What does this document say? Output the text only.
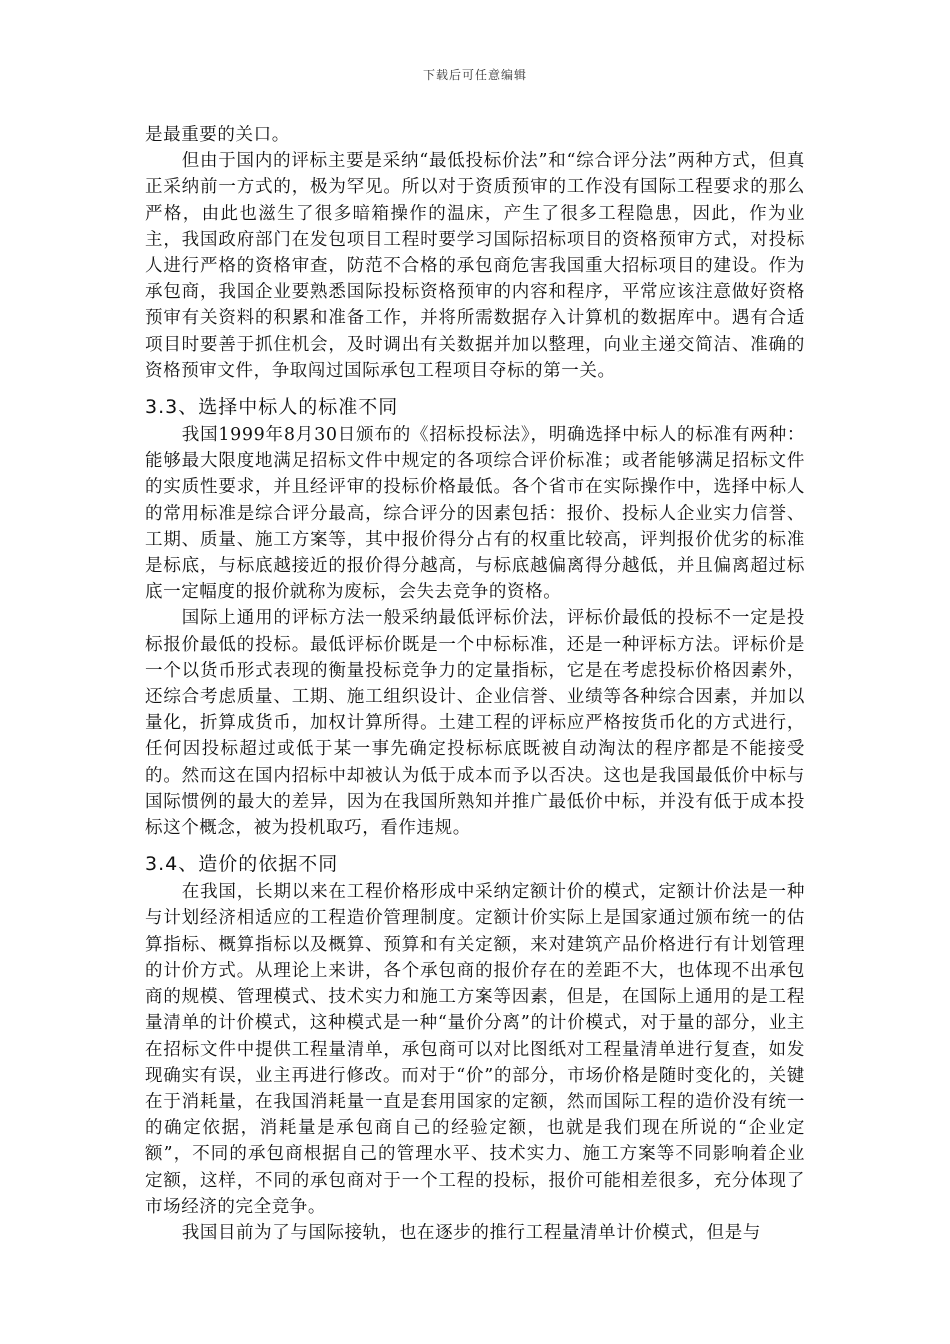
下载后可任意编辑

是最重要的关口。

但由于国内的评标主要是采纳“最低投标价法”和“综合评分法”两种方式，但真正采纳前一方式的，极为罕见。所以对于资质预审的工作没有国际工程要求的那么严格，由此也滋生了很多暗箱操作的温床，产生了很多工程隐患，因此，作为业主，我国政府部门在发包项目工程时要学习国际招标项目的资格预审方式，对投标人进行严格的资格审查，防范不合格的承包商危害我国重大招标项目的建设。作为承包商，我国企业要熟悉国际投标资格预审的内容和程序，平常应该注意做好资格预审有关资料的积累和准备工作，并将所需数据存入计算机的数据库中。遇有合适项目时要善于抓住机会，及时调出有关数据并加以整理，向业主递交简洁、准确的资格预审文件，争取闯过国际承包工程项目夺标的第一关。

3.3、选择中标人的标准不同

我国1999年8月30日颁布的《招标投标法》，明确选择中标人的标准有两种：能够最大限度地满足招标文件中规定的各项综合评价标准；或者能够满足招标文件的实质性要求，并且经评审的投标价格最低。各个省市在实际操作中，选择中标人的常用标准是综合评分最高，综合评分的因素包括：报价、投标人企业实力信誉、工期、质量、施工方案等，其中报价得分占有的权重比较高，评判报价优劣的标准是标底，与标底越接近的报价得分越高，与标底越偏离得分越低，并且偏离超过标底一定幅度的报价就称为废标，会失去竞争的资格。

国际上通用的评标方法一般采纳最低评标价法，评标价最低的投标不一定是投标报价最低的投标。最低评标价既是一个中标标准，还是一种评标方法。评标价是一个以货币形式表现的衡量投标竞争力的定量指标，它是在考虑投标价格因素外，还综合考虑质量、工期、施工组织设计、企业信誉、业绩等各种综合因素，并加以量化，折算成货币，加权计算所得。土建工程的评标应严格按货币化的方式进行，任何因投标超过或低于某一事先确定投标标底既被自动淘汰的程序都是不能接受的。然而这在国内招标中却被认为低于成本而予以否决。这也是我国最低价中标与国际惯例的最大的差异，因为在我国所熟知并推广最低价中标，并没有低于成本投标这个概念，被为投机取巧，看作违规。

3.4、造价的依据不同

在我国，长期以来在工程价格形成中采纳定额计价的模式，定额计价法是一种与计划经济相适应的工程造价管理制度。定额计价实际上是国家通过颁布统一的估算指标、概算指标以及概算、预算和有关定额，来对建筑产品价格进行有计划管理的计价方式。从理论上来讲，各个承包商的报价存在的差距不大，也体现不出承包商的规模、管理模式、技术实力和施工方案等因素，但是，在国际上通用的是工程量清单的计价模式，这种模式是一种“量价分离”的计价模式，对于量的部分，业主在招标文件中提供工程量清单，承包商可以对比图纸对工程量清单进行复查，如发现确实有误，业主再进行修改。而对于“价”的部分，市场价格是随时变化的，关键在于消耗量，在我国消耗量一直是套用国家的定额，然而国际工程的造价没有统一的确定依据，消耗量是承包商自己的经验定额，也就是我们现在所说的“企业定额”，不同的承包商根据自己的管理水平、技术实力、施工方案等不同影响着企业定额，这样，不同的承包商对于一个工程的投标，报价可能相差很多，充分体现了市场经济的完全竞争。

我国目前为了与国际接轨，也在逐步的推行工程量清单计价模式，但是与
